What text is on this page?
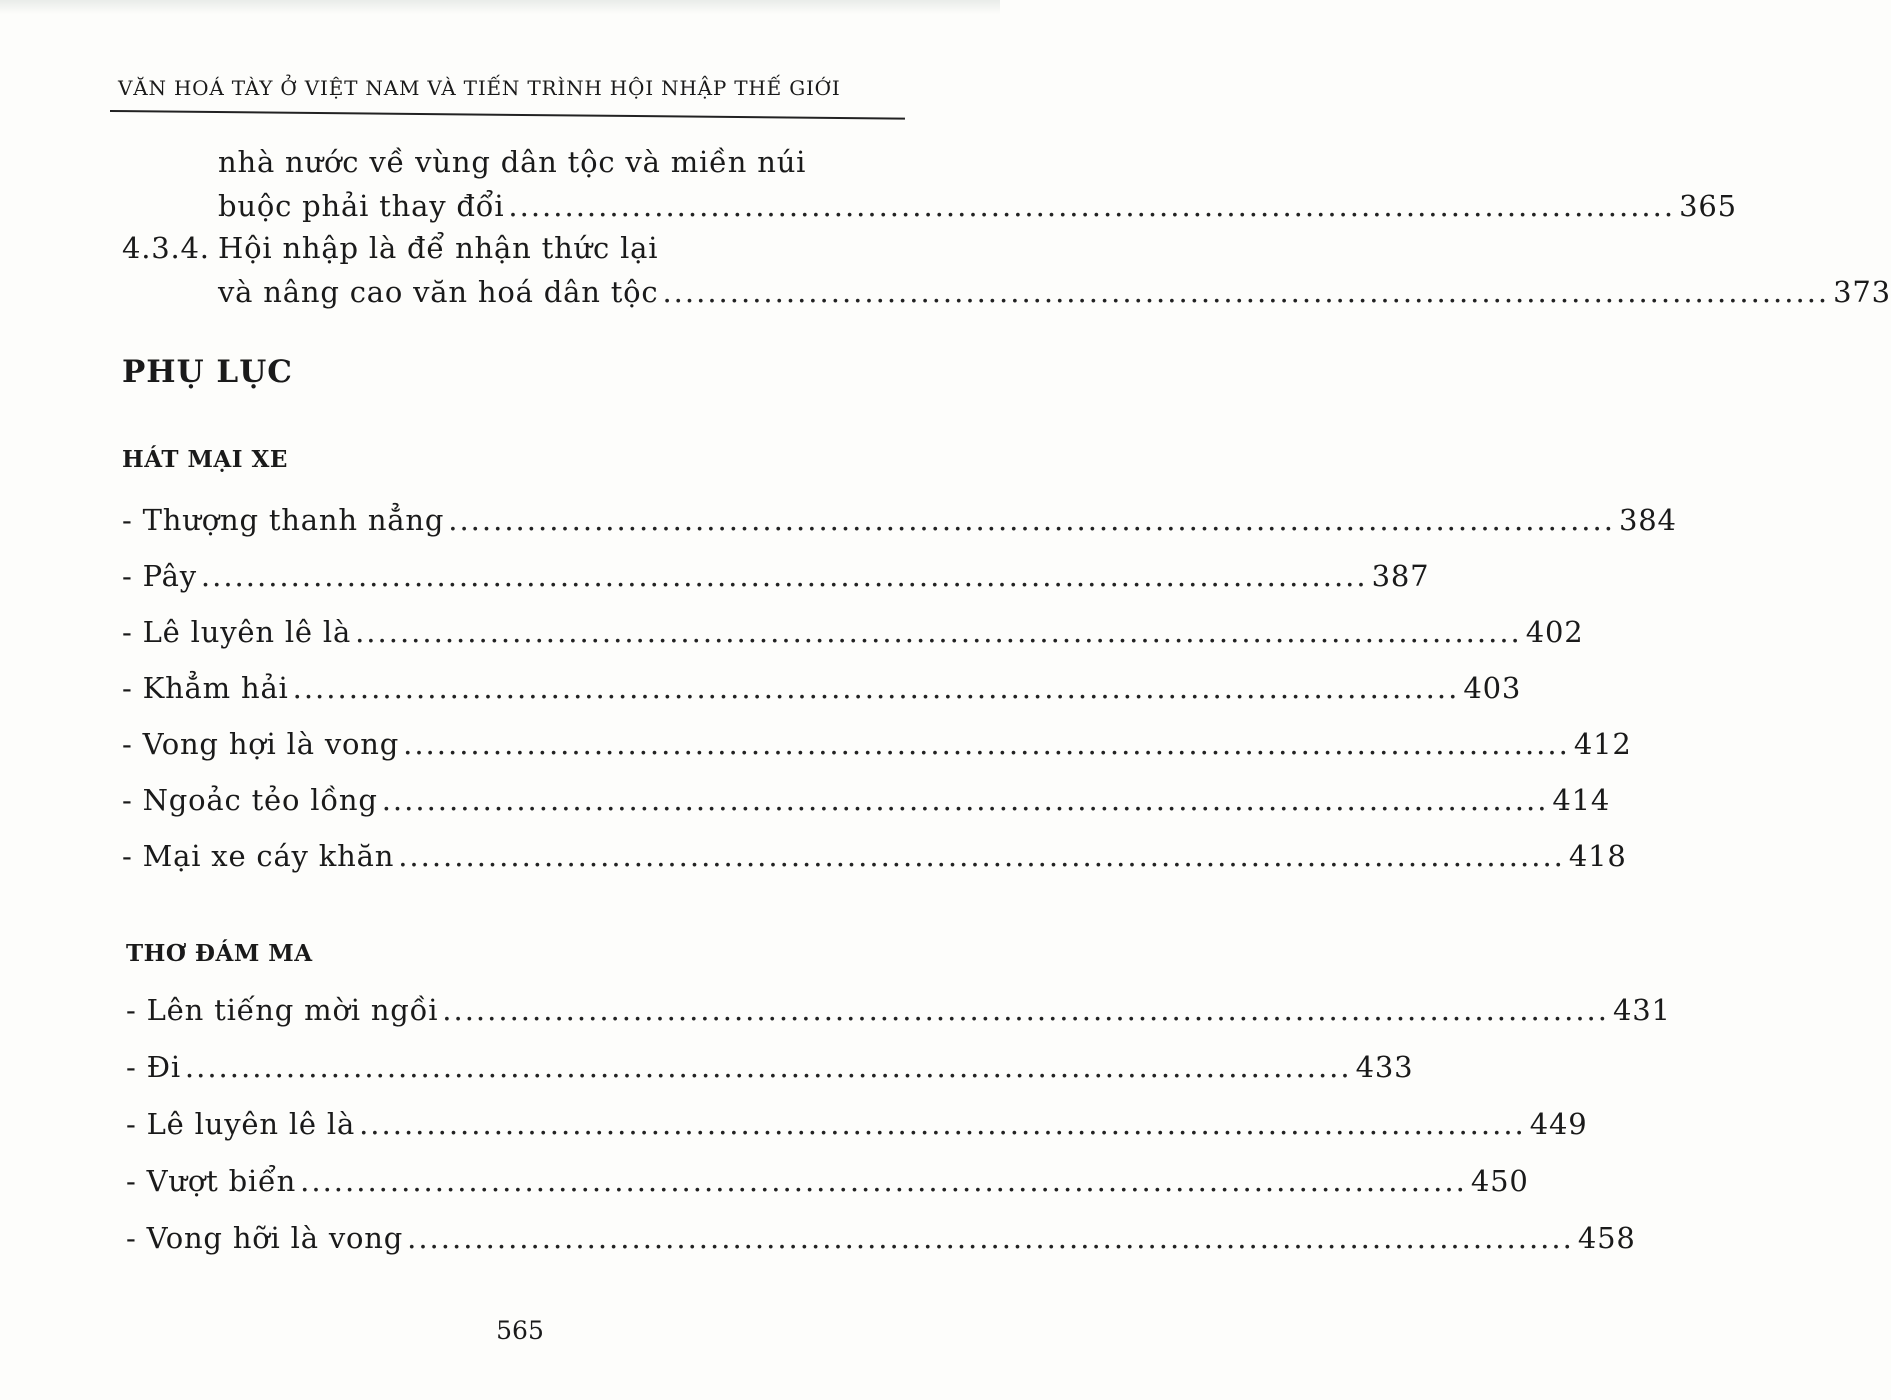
VĂN HOÁ TÀY Ở VIỆT NAM VÀ TIẾN TRÌNH HỘI NHẬP THẾ GIỚI
nhà nước về vùng dân tộc và miền núi
buộc phải thay đổi ........................................................................................................ 365
4.3.4. Hội nhập là để nhận thức lại
và nâng cao văn hoá dân tộc ........................................................................................................ 373
PHỤ LỤC
HÁT MẠI XE
- Thượng thanh nẳng ........................................................................................................ 384
- Pây ........................................................................................................ 387
- Lê luyên lê là ........................................................................................................ 402
- Khẳm hải ........................................................................................................ 403
- Vong hợi là vong ........................................................................................................ 412
- Ngoảc tẻo lồng ........................................................................................................ 414
- Mại xe cáy khăn ........................................................................................................ 418
THƠ ĐÁM MA
- Lên tiếng mời ngồi ........................................................................................................ 431
- Đi ........................................................................................................ 433
- Lê luyên lê là ........................................................................................................ 449
- Vượt biển ........................................................................................................ 450
- Vong hỡi là vong ........................................................................................................ 458
565
